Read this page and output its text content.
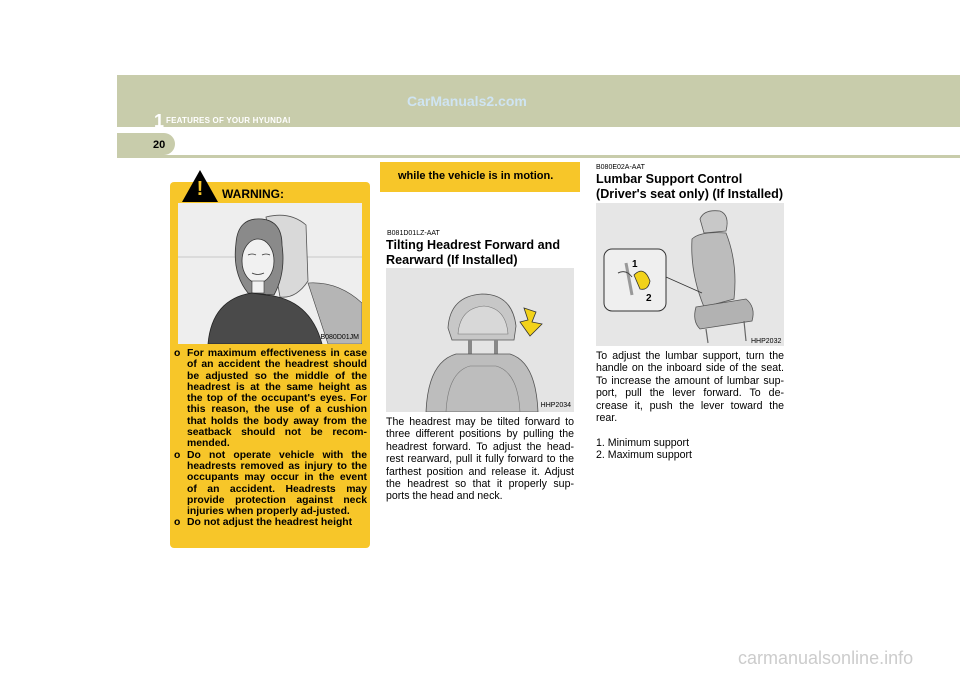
1 FEATURES OF YOUR HYUNDAI
CarManuals2.com
20
! WARNING:
B080D01JM
o For maximum effectiveness in case of an accident the headrest should be adjusted so the middle of the headrest is at the same height as the top of the occupant's eyes. For this reason, the use of a cushion that holds the body away from the seatback should not be recom-mended.
o Do not operate vehicle with the headrests removed as injury to the occupants may occur in the event of an accident. Headrests may provide protection against neck injuries when properly ad-justed.
o Do not adjust the headrest height
while the vehicle is in motion.
B081D01LZ-AAT
Tilting Headrest Forward and
Rearward (If Installed)
HHP2034
The headrest may be tilted forward to three different positions by pulling the headrest forward. To adjust the head-rest rearward, pull it fully forward to the farthest position and release it. Adjust the headrest so that it properly sup-ports the head and neck.
B080E02A-AAT
Lumbar Support Control
(Driver's seat only) (If Installed)
1
2
HHP2032
To adjust the lumbar support, turn the handle on the inboard side of the seat. To increase the amount of lumbar sup-port, pull the lever forward. To de-crease it, push the lever toward the rear.
1. Minimum support
2. Maximum support
carmanualsonline.info
